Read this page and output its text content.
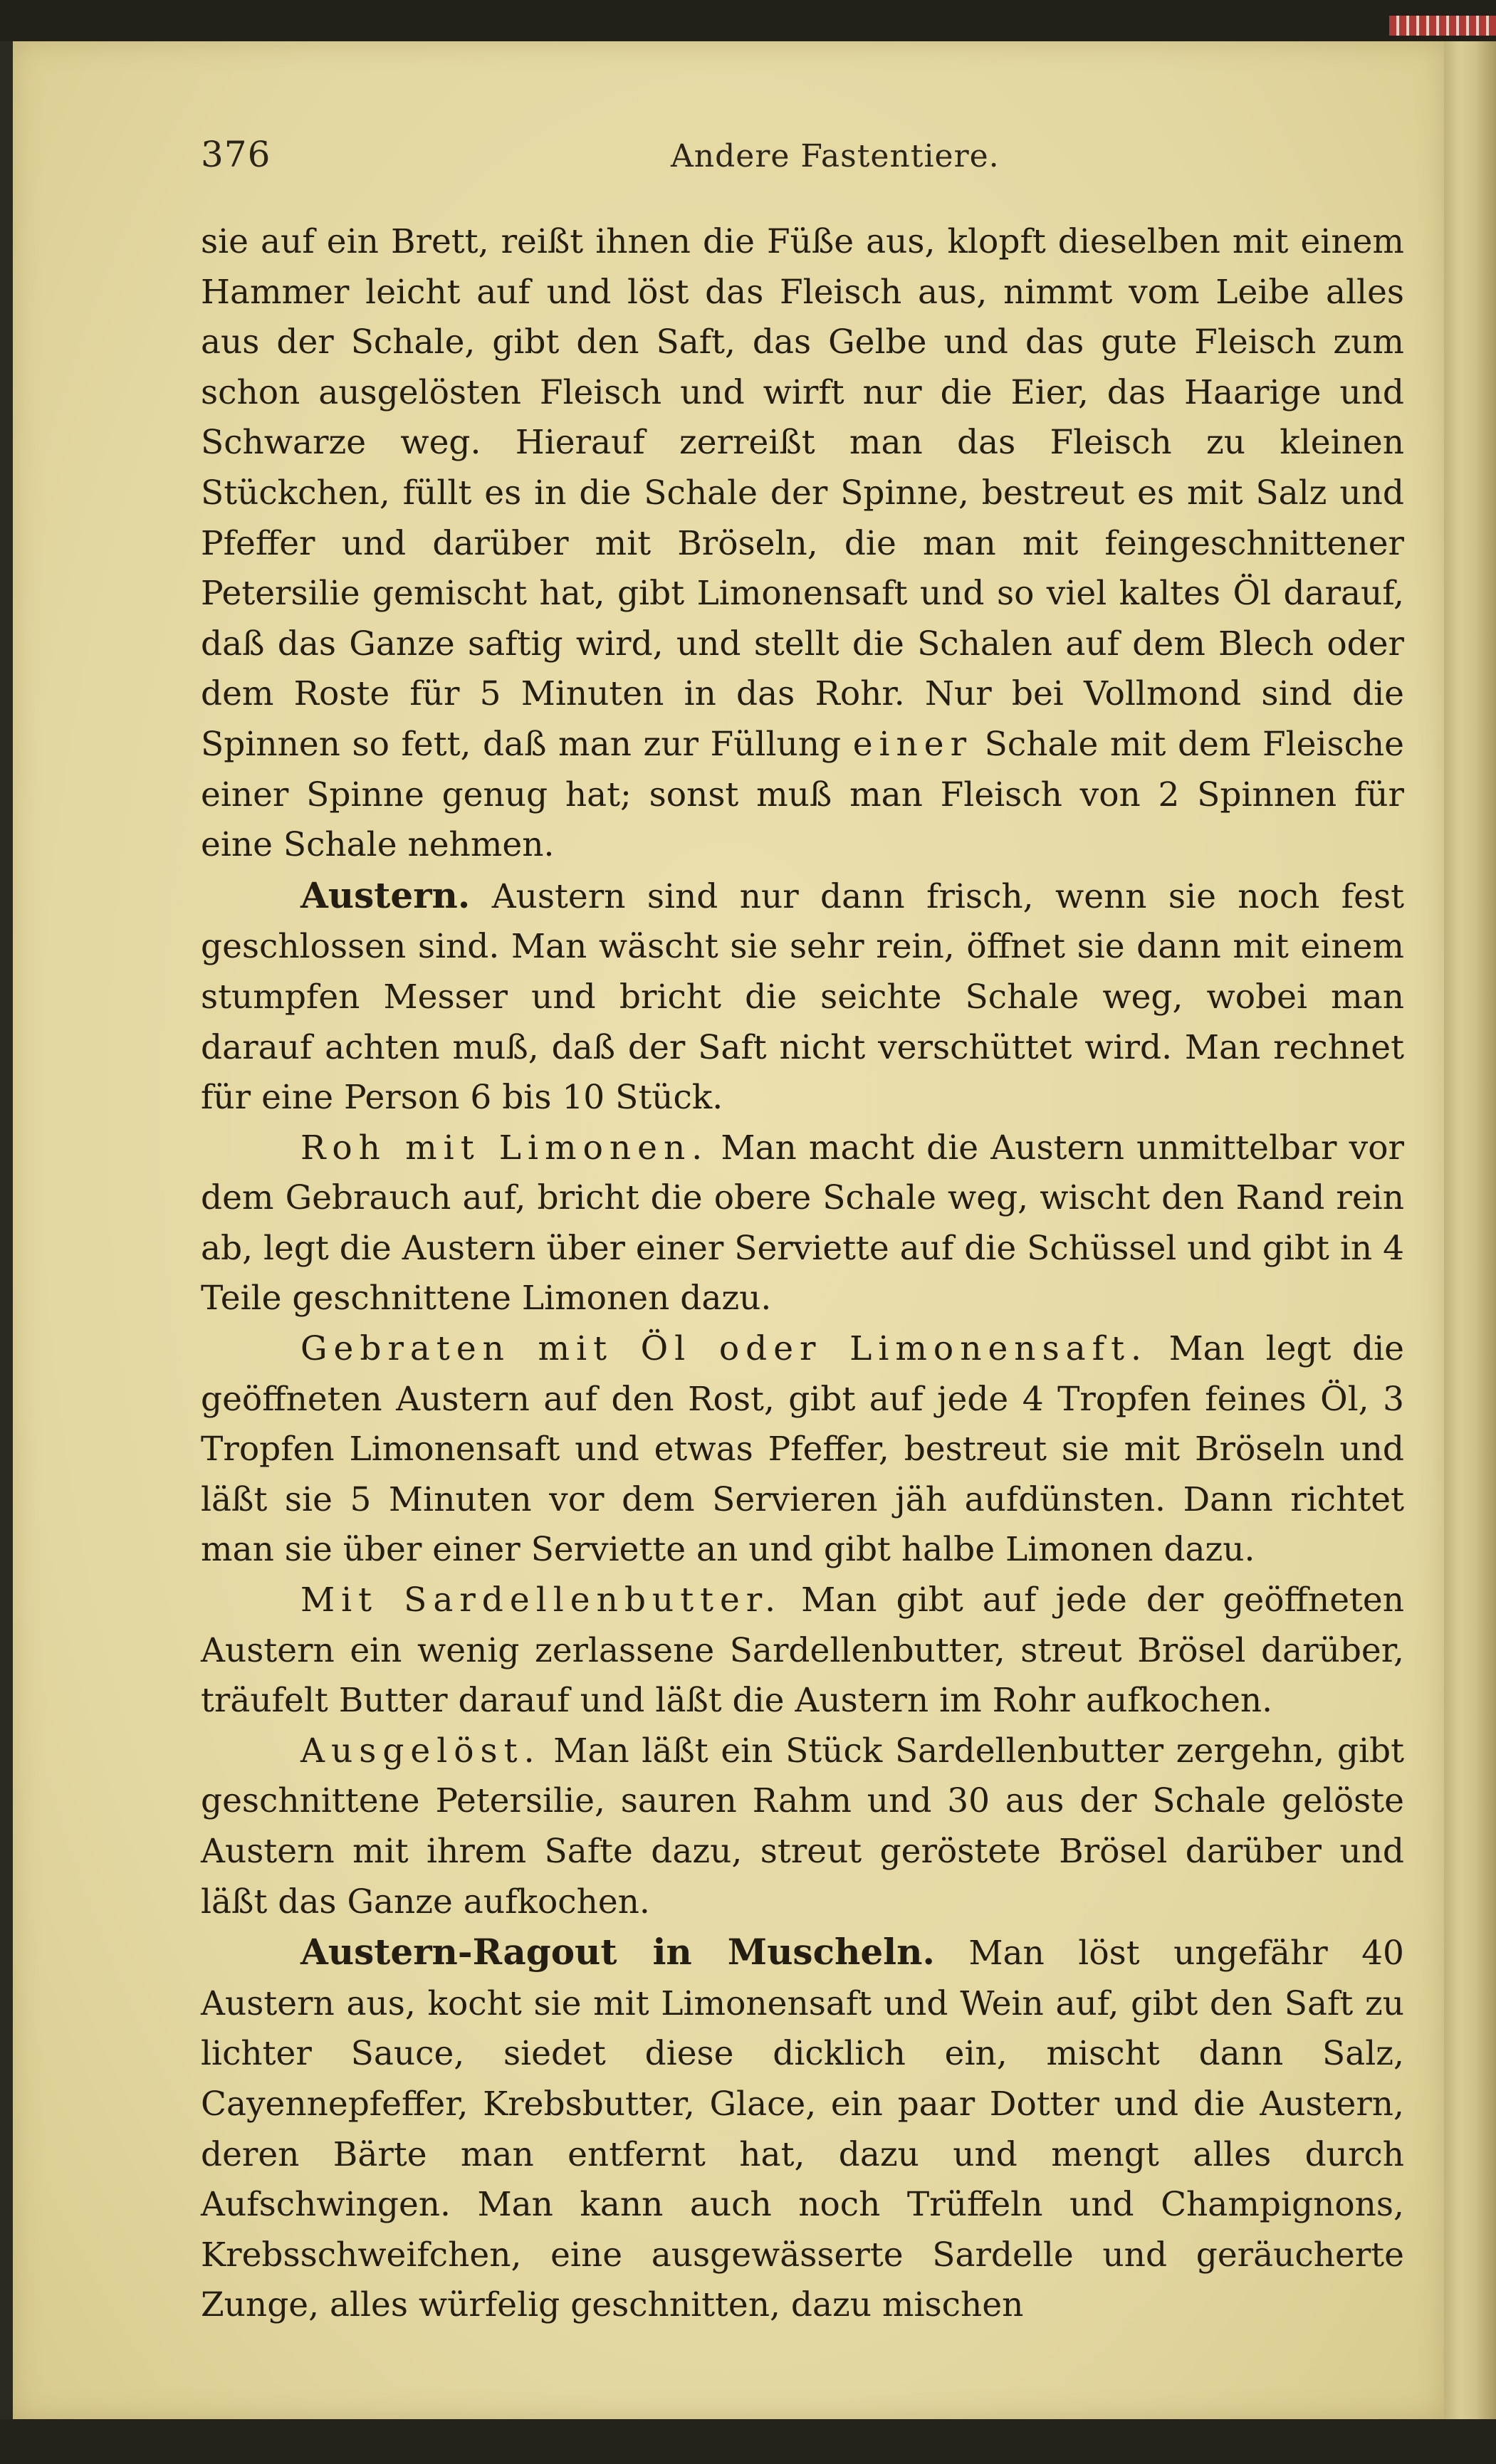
376	Andere Fastentiere.

sie auf ein Brett, reißt ihnen die Füße aus, klopft dieselben mit einem Hammer leicht auf und löst das Fleisch aus, nimmt vom Leibe alles aus der Schale, gibt den Saft, das Gelbe und das gute Fleisch zum schon ausgelösten Fleisch und wirft nur die Eier, das Haarige und Schwarze weg. Hierauf zerreißt man das Fleisch zu kleinen Stückchen, füllt es in die Schale der Spinne, bestreut es mit Salz und Pfeffer und darüber mit Bröseln, die man mit feingeschnittener Petersilie gemischt hat, gibt Limonensaft und so viel kaltes Öl darauf, daß das Ganze saftig wird, und stellt die Schalen auf dem Blech oder dem Roste für 5 Minuten in das Rohr. Nur bei Vollmond sind die Spinnen so fett, daß man zur Füllung einer Schale mit dem Fleische einer Spinne genug hat; sonst muß man Fleisch von 2 Spinnen für eine Schale nehmen.

Austern. Austern sind nur dann frisch, wenn sie noch fest geschlossen sind. Man wäscht sie sehr rein, öffnet sie dann mit einem stumpfen Messer und bricht die seichte Schale weg, wobei man darauf achten muß, daß der Saft nicht verschüttet wird. Man rechnet für eine Person 6 bis 10 Stück.

Roh mit Limonen. Man macht die Austern unmittelbar vor dem Gebrauch auf, bricht die obere Schale weg, wischt den Rand rein ab, legt die Austern über einer Serviette auf die Schüssel und gibt in 4 Teile geschnittene Limonen dazu.

Gebraten mit Öl oder Limonensaft. Man legt die geöffneten Austern auf den Rost, gibt auf jede 4 Tropfen feines Öl, 3 Tropfen Limonensaft und etwas Pfeffer, bestreut sie mit Bröseln und läßt sie 5 Minuten vor dem Servieren jäh aufdünsten. Dann richtet man sie über einer Serviette an und gibt halbe Limonen dazu.

Mit Sardellenbutter. Man gibt auf jede der geöffneten Austern ein wenig zerlassene Sardellenbutter, streut Brösel darüber, träufelt Butter darauf und läßt die Austern im Rohr aufkochen.

Ausgelöst. Man läßt ein Stück Sardellenbutter zergehn, gibt geschnittene Petersilie, sauren Rahm und 30 aus der Schale gelöste Austern mit ihrem Safte dazu, streut geröstete Brösel darüber und läßt das Ganze aufkochen.

Austern-Ragout in Muscheln. Man löst ungefähr 40 Austern aus, kocht sie mit Limonensaft und Wein auf, gibt den Saft zu lichter Sauce, siedet diese dicklich ein, mischt dann Salz, Cayennepfeffer, Krebsbutter, Glace, ein paar Dotter und die Austern, deren Bärte man entfernt hat, dazu und mengt alles durch Aufschwingen. Man kann auch noch Trüffeln und Champignons, Krebsschweifchen, eine ausgewässerte Sardelle und geräucherte Zunge, alles würfelig geschnitten, dazu mischen
